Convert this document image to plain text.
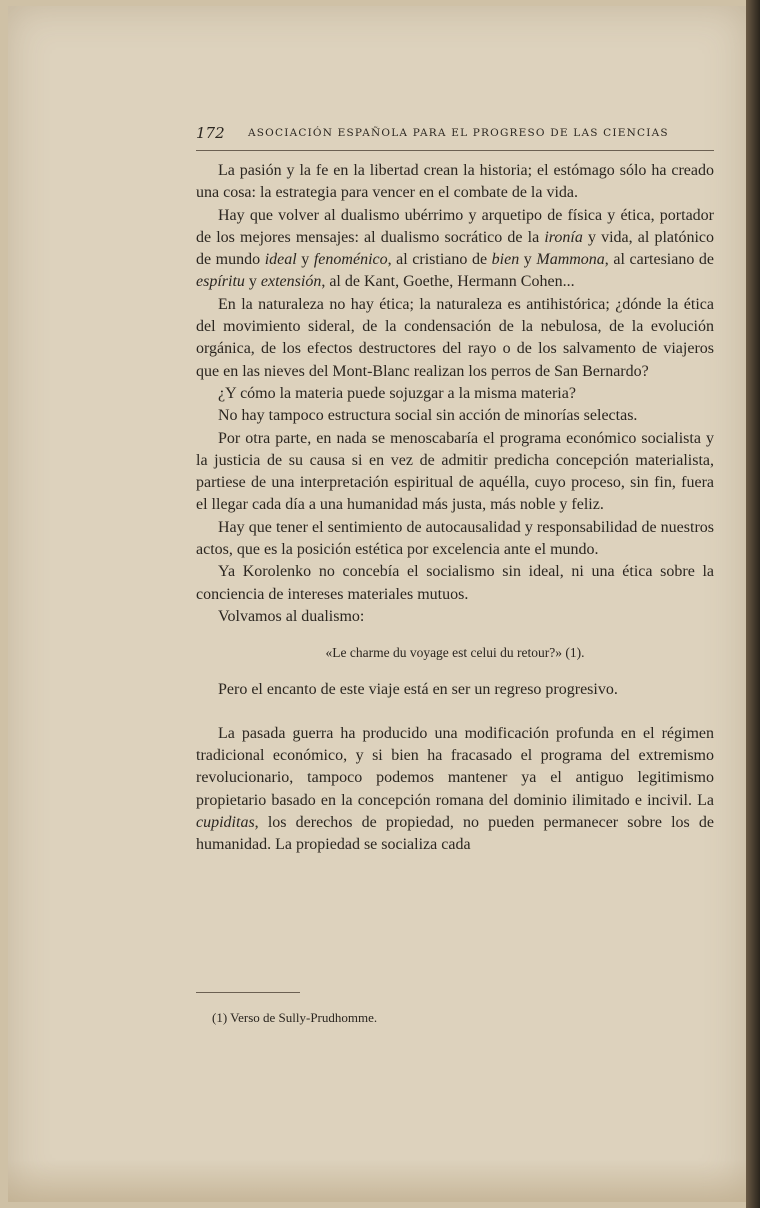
172 ASOCIACIÓN ESPAÑOLA PARA EL PROGRESO DE LAS CIENCIAS

La pasión y la fe en la libertad crean la historia; el estómago sólo ha creado una cosa: la estrategia para vencer en el combate de la vida.

Hay que volver al dualismo ubérrimo y arquetipo de física y ética, portador de los mejores mensajes: al dualismo socrático de la ironía y vida, al platónico de mundo ideal y fenoménico, al cristiano de bien y Mammona, al cartesiano de espíritu y extensión, al de Kant, Goethe, Hermann Cohen...

En la naturaleza no hay ética; la naturaleza es antihistórica; ¿dónde la ética del movimiento sideral, de la condensación de la nebulosa, de la evolución orgánica, de los efectos destructores del rayo o de los salvamento de viajeros que en las nieves del Mont-Blanc realizan los perros de San Bernardo?

¿Y cómo la materia puede sojuzgar a la misma materia?

No hay tampoco estructura social sin acción de minorías selectas.

Por otra parte, en nada se menoscabaría el programa económico socialista y la justicia de su causa si en vez de admitir predicha concepción materialista, partiese de una interpretación espiritual de aquélla, cuyo proceso, sin fin, fuera el llegar cada día a una humanidad más justa, más noble y feliz.

Hay que tener el sentimiento de autocausalidad y responsabilidad de nuestros actos, que es la posición estética por excelencia ante el mundo.

Ya Korolenko no concebía el socialismo sin ideal, ni una ética sobre la conciencia de intereses materiales mutuos.

Volvamos al dualismo:

«Le charme du voyage est celui du retour?» (1).

Pero el encanto de este viaje está en ser un regreso progresivo.

La pasada guerra ha producido una modificación profunda en el régimen tradicional económico, y si bien ha fracasado el programa del extremismo revolucionario, tampoco podemos mantener ya el antiguo legitimismo propietario basado en la concepción romana del dominio ilimitado e incivil. La cupiditas, los derechos de propiedad, no pueden permanecer sobre los de humanidad. La propiedad se socializa cada

(1) Verso de Sully-Prudhomme.
